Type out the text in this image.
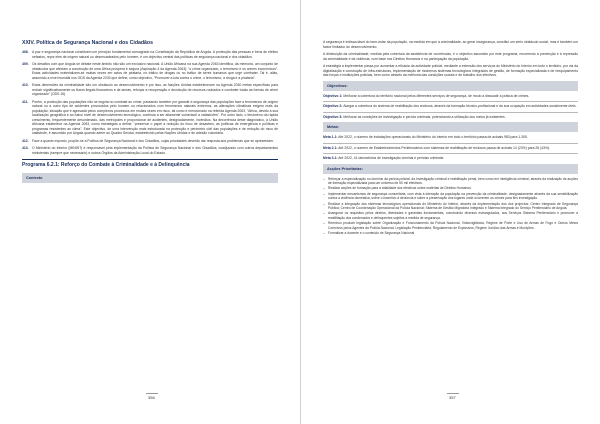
XXIV. Política de Segurança Nacional e dos Cidadãos
408. A paz e segurança nacional constituem um princípio fundamental consagrado na Constituição da República de Angola. A protecção das pessoas e bens de efeitos nefastos, repor eles de origem natural ou desencadeados pelo homem, é um objectivo central das políticas de segurança nacional e dos cidadãos.
409. Os desafios com que Angola se debate neste âmbito não são um exclusivo nacional. A União Africana na sua Agenda 2063 identifica, da memoria, um conjunto de obstáculos que afectam a construção de uma África próspera e segura (Aspiração 4 da Agenda 2063): “o crime organizado, o terrorismo e os crimes económicos”. Estas actividades materializam-se muitas vezes em actos de pirataria, no tráfico de drogas ou no tráfico de seres humanos que urge combater. Tal é, aliás, assumido a nível mundial nos ODS da Agenda 2030 que define, como objectivo, “Promover a luta contra o crime, o terrorismo, a droga e a pirataria”.
410. Estas dimensões da criminalidade são um obstáculo ao desenvolvimento e por isso, as Nações Unidas estabeleceram na Agenda 2030 metas específicas para reduzir significativamente os fluxos ilegais financeiros e de armas, reforçar a recuperação e devolução de recursos roubados e combater todas as formas de crime organizado” (ODS 16).
411.	Porém, a protecção das populações não se esgota no combate ao crime, passando também por garantir a segurança das populações face a fenómenos de origem natural ou a outro tipo de acidentes provocados pelo homem ou relacionados com fenómenos naturais extremos, as alterações climáticas exigem mais da população, situação que é agravada pelos complexos processos em muitas vezes em risco, tal como é mencionado na referida Agenda 2063, “Africa, devido à sua localização geográfica e ao baixo nível de desenvolvimento tecnológico, continua a ser altamente vulnerável a catástrofes”. Por outro lado, o fenómeno da rápida crescimento, frequentemente desordenado, das metrópoles e proporcionar de acidentes, designadamente, incêndios. Na decorrência deste diagnóstico, a União Africana estabelece na Agenda 2063, como estratégias a definir, “preservar o papel a redução do risco de desastres, as políticas de emergência e políticas e programas resistentes ao clima”. Este objectivo, de uma intervenção mais estruturada na protecção e perímetro civil das populações e de redução do risco de catástrofe, é assumido por Angola quando adere ao Quadro Sendai, estabelecido pelas Nações Unidas e de adesão voluntária.
412. Face a quanto exposto, propõe-se a Política de Segurança Nacional e dos Cidadãos, cujas prioridades deverão dar resposta aos problemas que se apresentam.
413. O Ministério do Interior (MININT) é responsável pela implementação da Política de Segurança Nacional e dos Cidadãos, coadjuvado com outros departamentos ministeriais (sempre que necessário) e outros Órgãos da Administração Local do Estado.
Programa 6.2.1: Reforço do Combate à Criminalidade e à Delinquência
Contexto
356
A segurança é indissociável do bem-estar da população, na medida em que a criminalidade, ao gerar insegurança, constitui um sério obstáculo social, mas é também um factor limitador do desenvolvimento.
A diminuição da criminalidade, medida pela cobertura da assistência de ocorrências, é o objectivo assumido por este programa, recorrendo à prevenção e à repressão da criminalidade e da violência, com base nos Direitos Humanos e na participação da população.
A estratégia a implementar passa por aumentar a eficácia da actividade policial, mediante a extensão dos serviços do Ministério do Interior em todo o território, por via da digitalização e construção de infra-estruturas, implementação de modernos sistemas tecnológicos integrados de gestão, de formação especializada e de reequipamento das forças e instituições policiais, bem como através da melhoria das condições sociais e de trabalho dos efectivos.
Objectivos:
Objectivo 1: Melhorar a cobertura do território nacional pelos diferentes serviços de segurança, de modo a dissuadir a prática de crimes.
Objectivo 2: Alargar a cobertura do sistema de reabilitação dos reclusos, através da formação técnico-profissional e da sua ocupação em actividades socialmente úteis.
Objectivo 3: Melhorar as condições de investigação e perícia criminais, potenciando a utilização dos meios já existentes.
Metas:
Meta 1.1: Até 2022, o número de instalações operacionais do Ministério do Interior em todo o território passa de actuais 983 para 1.305.
Meta 2.1: Até 2022, o número de Estabelecimentos Penitenciários com sistemas de reabilitação de reclusos passa de actuais 14 (23%) para 26 (43%).
Meta 3.1: Até 2022, 41 laboratórios de investigação criminal e perícias criminais.
Acções Prioritárias:
– Reforçar a especialização no domínio da pericia policial, da investigação criminal e reabilitação penal, bem como em inteligência criminal, através da realização de acções de formação especializada para um universo de 50 mil efectivos.
– Realizar acções de formação para a totalidade dos efectivos sobre matérias de Direitos Humanos.
– Implementar mecanismos de segurança comunitária, com vista à interação da população na prevenção da criminalidade, designadamente através da sua sensibilização contra a violência doméstica, sobre o incentivo à denúncia e sobre a preservação dos lugares onde ocorrerem os crimes para fins investigação.
– Realizar a integração dos sistemas tecnológicos operacionais do Ministério do Interior, através da implementação dos dos projectos: Centro Integrado de Segurança Pública; Centro de Coordenação Operacional da Polícia Nacional; Sistema de Gestão Migratória Integrado e Sistema Integrado do Serviço Penitenciário de Angola.
– Assegurar os requisitos pelos direitos, liberdades e garantias fundamentais, construindo diversos estrangulados, aos Serviços Sistema Penitenciário e promover a reabilitação dos condenados e delinquentes sujeitos à medida de segurança.
– Reentrou produzir legislação sobre Organização e Funcionamento da Polícia Nacional, Videovigilância, Regime de Porte e Uso de Armas de Fogo e Outros Meios Coercivos pelos Agentes da Polícia Nacional, Legislação Penitenciária, Regulamento de Explosivos, Regime Jurídico das Armas e Munições.
– Formalizar a docente e o conteúdo de Segurança Nacional
357
